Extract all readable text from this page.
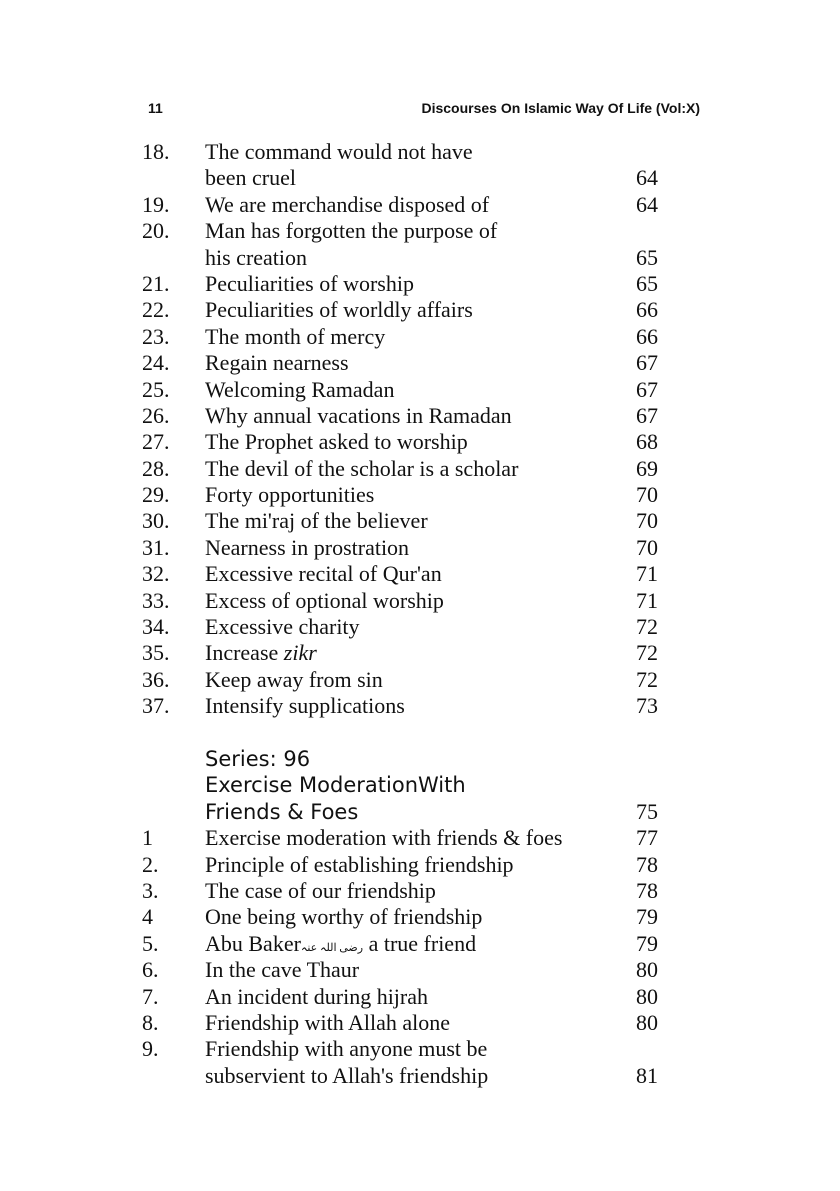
11	Discourses On Islamic Way Of Life (Vol:X)
18. The command would not have
been cruel	64
19. We are merchandise disposed of	64
20. Man has forgotten the purpose of
his creation	65
21. Peculiarities of worship	65
22. Peculiarities of worldly affairs	66
23. The month of mercy	66
24. Regain nearness	67
25. Welcoming Ramadan	67
26. Why annual vacations in Ramadan	67
27. The Prophet asked to worship	68
28. The devil of the scholar is a scholar	69
29. Forty opportunities	70
30. The mi'raj of the believer	70
31. Nearness in prostration	70
32. Excessive recital of Qur'an	71
33. Excess of optional worship	71
34. Excessive charity	72
35. Increase zikr	72
36. Keep away from sin	72
37. Intensify supplications	73
Series: 96
Exercise ModerationWith
Friends & Foes	75
1 Exercise moderation with friends & foes	77
2. Principle of establishing friendship	78
3. The case of our friendship	78
4 One being worthy of friendship	79
5. Abu Bakerرضی اللہ عنہ a true friend	79
6. In the cave Thaur	80
7. An incident during hijrah	80
8. Friendship with Allah alone	80
9. Friendship with anyone must be
subservient to Allah's friendship	81
